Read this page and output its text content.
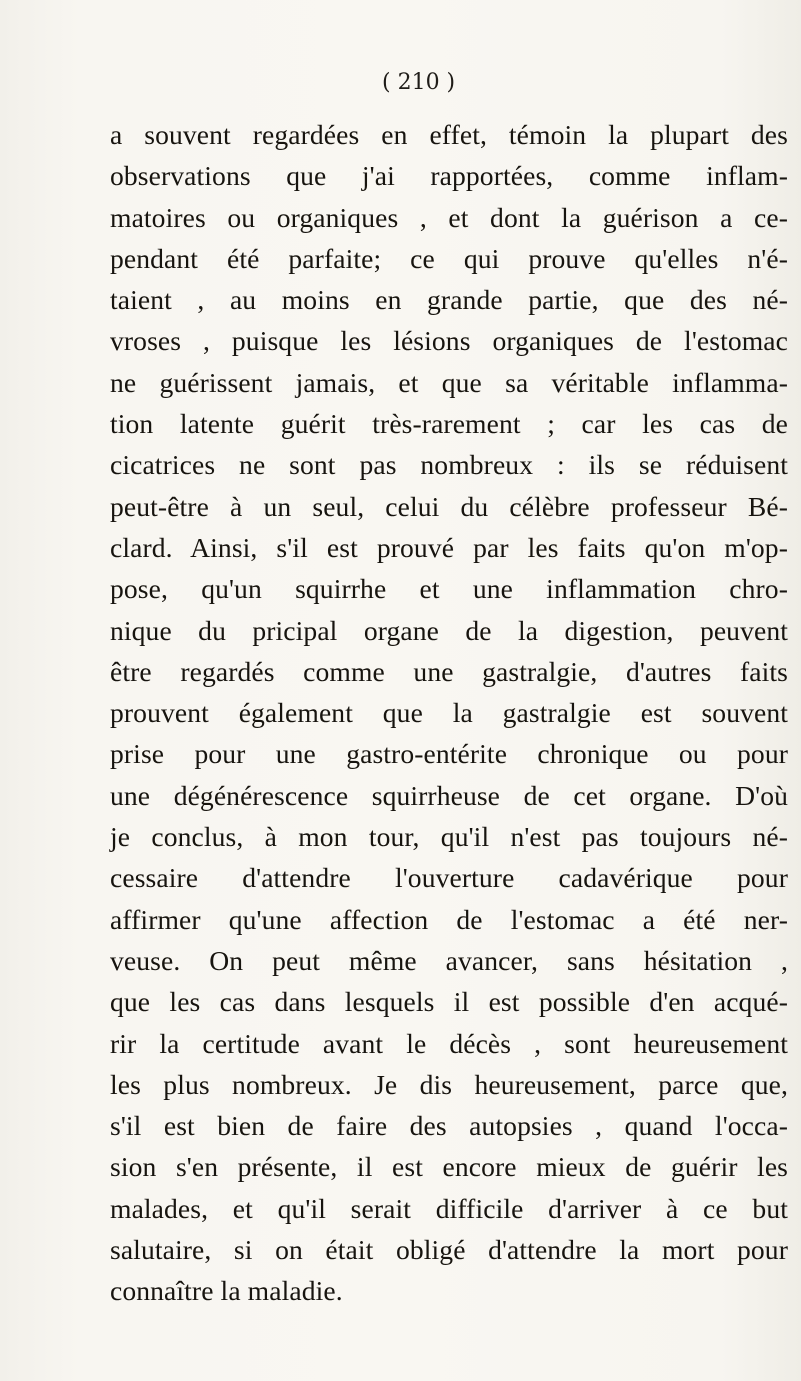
( 210 )
a souvent regardées en effet, témoin la plupart des
observations que j'ai rapportées, comme inflam-
matoires ou organiques , et dont la guérison a ce-
pendant été parfaite; ce qui prouve qu'elles n'é-
taient , au moins en grande partie, que des né-
vroses , puisque les lésions organiques de l'estomac
ne guérissent jamais, et que sa véritable inflamma-
tion latente guérit très-rarement ; car les cas de
cicatrices ne sont pas nombreux : ils se réduisent
peut-être à un seul, celui du célèbre professeur Bé-
clard. Ainsi, s'il est prouvé par les faits qu'on m'op-
pose, qu'un squirrhe et une inflammation chro-
nique du pricipal organe de la digestion, peuvent
être regardés comme une gastralgie, d'autres faits
prouvent également que la gastralgie est souvent
prise pour une gastro-entérite chronique ou pour
une dégénérescence squirrheuse de cet organe. D'où
je conclus, à mon tour, qu'il n'est pas toujours né-
cessaire d'attendre l'ouverture cadavérique pour
affirmer qu'une affection de l'estomac a été ner-
veuse. On peut même avancer, sans hésitation ,
que les cas dans lesquels il est possible d'en acqué-
rir la certitude avant le décès , sont heureusement
les plus nombreux. Je dis heureusement, parce que,
s'il est bien de faire des autopsies , quand l'occa-
sion s'en présente, il est encore mieux de guérir les
malades, et qu'il serait difficile d'arriver à ce but
salutaire, si on était obligé d'attendre la mort pour
connaître la maladie.
